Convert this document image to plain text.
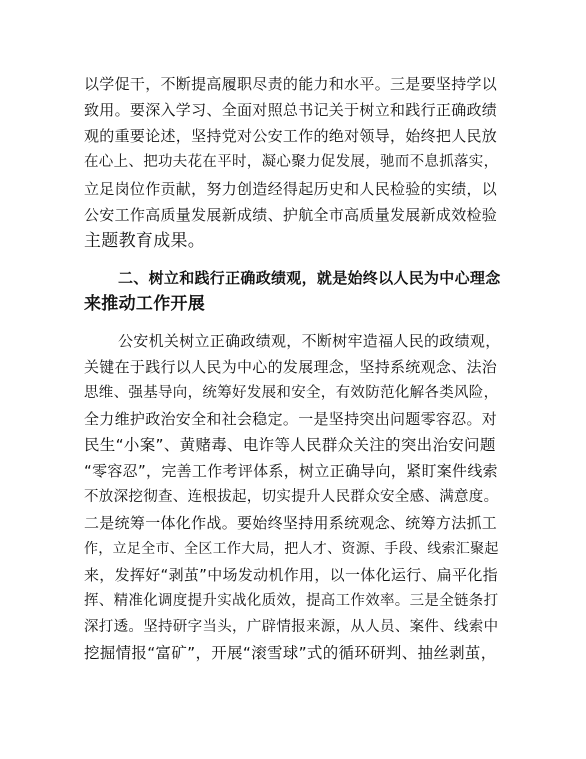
以学促干，不断提高履职尽责的能力和水平。三是要坚持学以
致用。要深入学习、全面对照总书记关于树立和践行正确政绩
观的重要论述，坚持党对公安工作的绝对领导，始终把人民放
在心上、把功夫花在平时，凝心聚力促发展，驰而不息抓落实，
立足岗位作贡献，努力创造经得起历史和人民检验的实绩，以
公安工作高质量发展新成绩、护航全市高质量发展新成效检验
主题教育成果。
二、树立和践行正确政绩观，就是始终以人民为中心理念
来推动工作开展
公安机关树立正确政绩观，不断树牢造福人民的政绩观，
关键在于践行以人民为中心的发展理念，坚持系统观念、法治
思维、强基导向，统筹好发展和安全，有效防范化解各类风险，
全力维护政治安全和社会稳定。一是坚持突出问题零容忍。对
民生“小案”、黄赌毒、电诈等人民群众关注的突出治安问题
“零容忍”，完善工作考评体系，树立正确导向，紧盯案件线索
不放深挖彻查、连根拔起，切实提升人民群众安全感、满意度。
二是统筹一体化作战。要始终坚持用系统观念、统筹方法抓工
作，立足全市、全区工作大局，把人才、资源、手段、线索汇聚起
来，发挥好“剥茧”中场发动机作用，以一体化运行、扁平化指
挥、精准化调度提升实战化质效，提高工作效率。三是全链条打
深打透。坚持研字当头，广辟情报来源，从人员、案件、线索中
挖掘情报“富矿”，开展“滚雪球”式的循环研判、抽丝剥茧，
